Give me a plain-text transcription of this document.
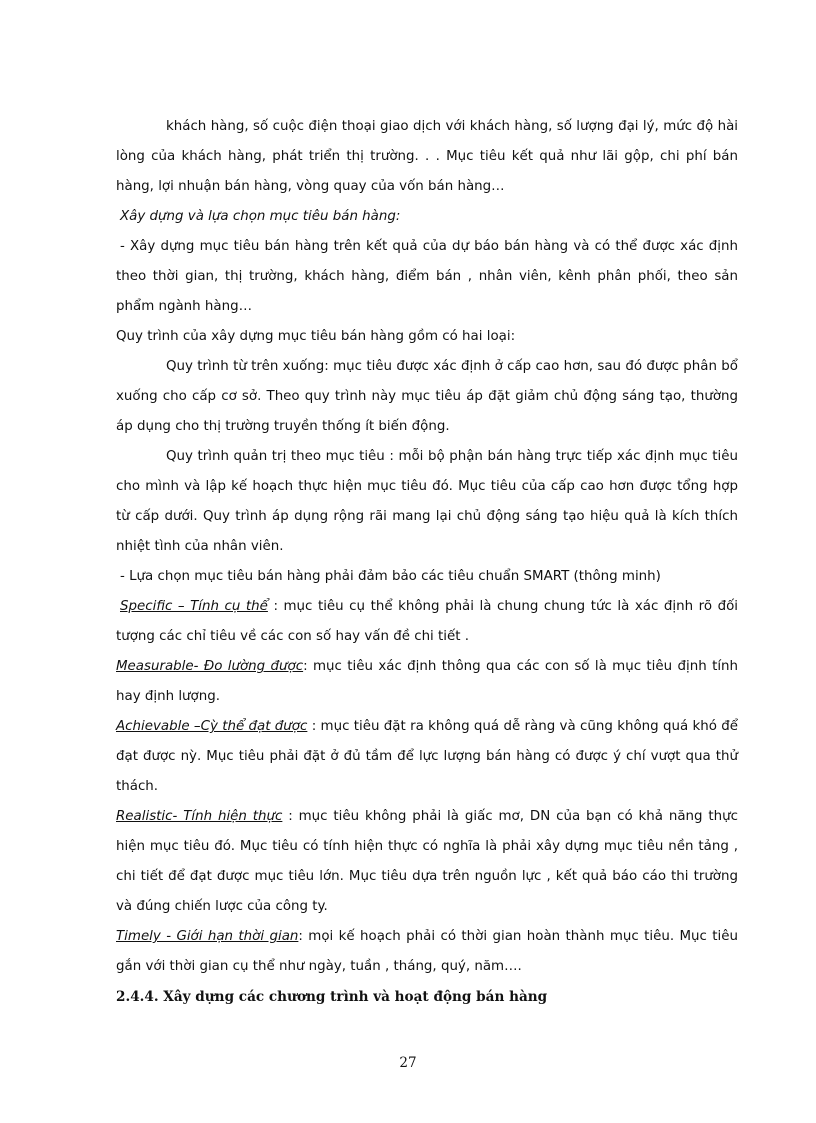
khách hàng, số cuộc điện thoại giao dịch với khách hàng, số lượng đại lý, mức độ hài lòng của khách hàng, phát triển thị trường. . . Mục tiêu kết quả như lãi gộp, chi phí bán hàng, lợi nhuận bán hàng, vòng quay của vốn bán hàng…

Xây dựng và lựa chọn mục tiêu bán hàng:

- Xây dựng mục tiêu bán hàng trên kết quả của dự báo bán hàng và có thể được xác định theo thời gian, thị trường, khách hàng, điểm bán , nhân viên, kênh phân phối, theo sản phẩm ngành hàng…

Quy trình của xây dựng mục tiêu bán hàng gồm có hai loại:

Quy trình từ trên xuống: mục tiêu được xác định ở cấp cao hơn, sau đó được phân bổ xuống cho cấp cơ sở. Theo quy trình này mục tiêu áp đặt giảm chủ động sáng tạo, thường áp dụng cho thị trường truyền thống ít biến động.

Quy trình quản trị theo mục tiêu : mỗi bộ phận bán hàng trực tiếp xác định mục tiêu cho mình và lập kế hoạch thực hiện mục tiêu đó. Mục tiêu của cấp cao hơn được tổng hợp từ cấp dưới. Quy trình áp dụng rộng rãi mang lại chủ động sáng tạo hiệu quả là kích thích nhiệt tình của nhân viên.

- Lựa chọn mục tiêu bán hàng phải đảm bảo các tiêu chuẩn SMART (thông minh)

Specific – Tính cụ thể : mục tiêu cụ thể không phải là chung chung tức là xác định rõ đối tượng các chỉ tiêu về các con số hay vấn đề chi tiết .

Measurable- Đo lường được: mục tiêu xác định thông qua các con số là mục tiêu định tính hay định lượng.

Achievable –Cỳ thể đạt được : mục tiêu đặt ra không quá dễ ràng và cũng không quá khó để đạt được nỳ. Mục tiêu phải đặt ở đủ tầm để lực lượng bán hàng có được ý chí vượt qua thử thách.

Realistic- Tính hiện thực : mục tiêu không phải là giấc mơ, DN của bạn có khả năng thực hiện mục tiêu đó. Mục tiêu có tính hiện thực có nghĩa là phải xây dựng mục tiêu nền tảng , chi tiết để đạt được mục tiêu lớn. Mục tiêu dựa trên nguồn lực , kết quả báo cáo thi trường và đúng chiến lược của công ty.

Timely - Giới hạn thời gian: mọi kế hoạch phải có thời gian hoàn thành mục tiêu. Mục tiêu gắn với thời gian cụ thể như ngày, tuần , tháng, quý, năm….

2.4.4. Xây dựng các chương trình và hoạt động bán hàng

27
